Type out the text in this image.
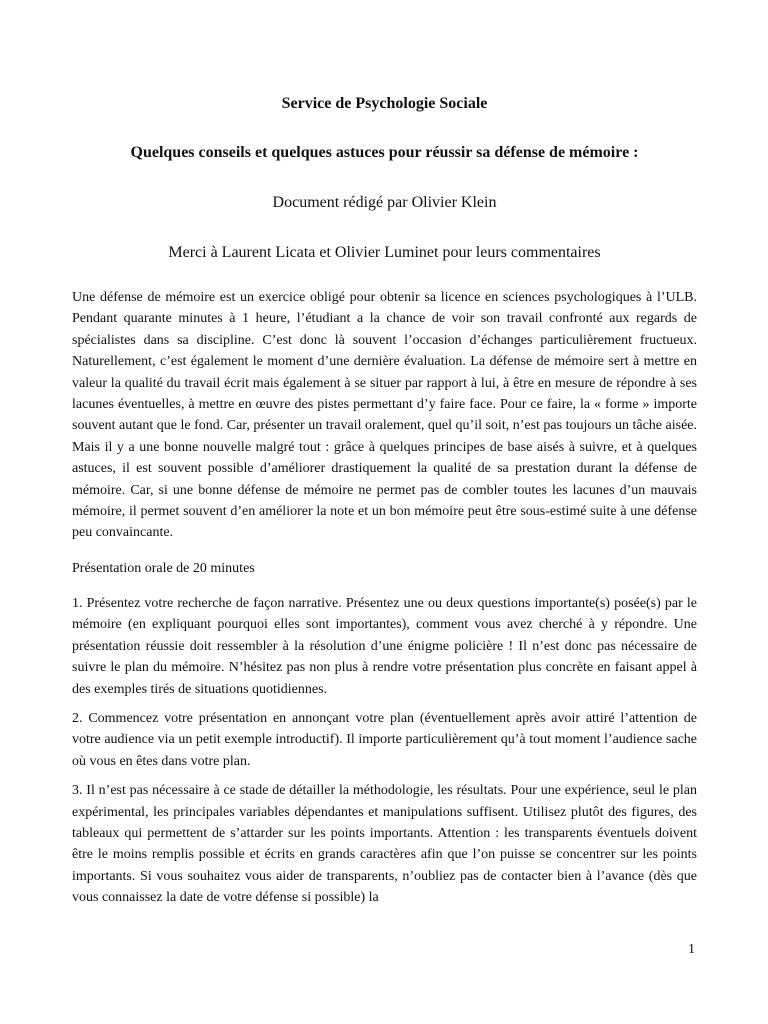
Service de Psychologie Sociale
Quelques conseils et quelques astuces pour réussir sa défense de mémoire :
Document rédigé par Olivier Klein
Merci à Laurent Licata et Olivier Luminet pour leurs commentaires

Une défense de mémoire est un exercice obligé pour obtenir sa licence en sciences psychologiques à l’ULB. Pendant quarante minutes à 1 heure, l’étudiant a la chance de voir son travail confronté aux regards de spécialistes dans sa discipline. C’est donc là souvent l’occasion d’échanges particulièrement fructueux. Naturellement, c’est également le moment d’une dernière évaluation. La défense de mémoire sert à mettre en valeur la qualité du travail écrit mais également à se situer par rapport à lui, à être en mesure de répondre à ses lacunes éventuelles, à mettre en œuvre des pistes permettant d’y faire face. Pour ce faire, la « forme » importe souvent autant que le fond. Car, présenter un travail oralement, quel qu’il soit, n’est pas toujours un tâche aisée. Mais il y a une bonne nouvelle malgré tout : grâce à quelques principes de base aisés à suivre, et à quelques astuces, il est souvent possible d’améliorer drastiquement la qualité de sa prestation durant la défense de mémoire. Car, si une bonne défense de mémoire ne permet pas de combler toutes les lacunes d’un mauvais mémoire, il permet souvent d’en améliorer la note et un bon mémoire peut être sous-estimé suite à une défense peu convaincante.

Présentation orale de 20 minutes

1. Présentez votre recherche de façon narrative. Présentez une ou deux questions importante(s) posée(s) par le mémoire (en expliquant pourquoi elles sont importantes), comment vous avez cherché à y répondre. Une présentation réussie doit ressembler à la résolution d’une énigme policière ! Il n’est donc pas nécessaire de suivre le plan du mémoire. N’hésitez pas non plus à rendre votre présentation plus concrète en faisant appel à des exemples tirés de situations quotidiennes.

2. Commencez votre présentation en annonçant votre plan (éventuellement après avoir attiré l’attention de votre audience via un petit exemple introductif). Il importe particulièrement qu’à tout moment l’audience sache où vous en êtes dans votre plan.

3. Il n’est pas nécessaire à ce stade de détailler la méthodologie, les résultats. Pour une expérience, seul le plan expérimental, les principales variables dépendantes et manipulations suffisent. Utilisez plutôt des figures, des tableaux qui permettent de s’attarder sur les points importants. Attention : les transparents éventuels doivent être le moins remplis possible et écrits en grands caractères afin que l’on puisse se concentrer sur les points importants. Si vous souhaitez vous aider de transparents, n’oubliez pas de contacter bien à l’avance (dès que vous connaissez la date de votre défense si possible) la

1
